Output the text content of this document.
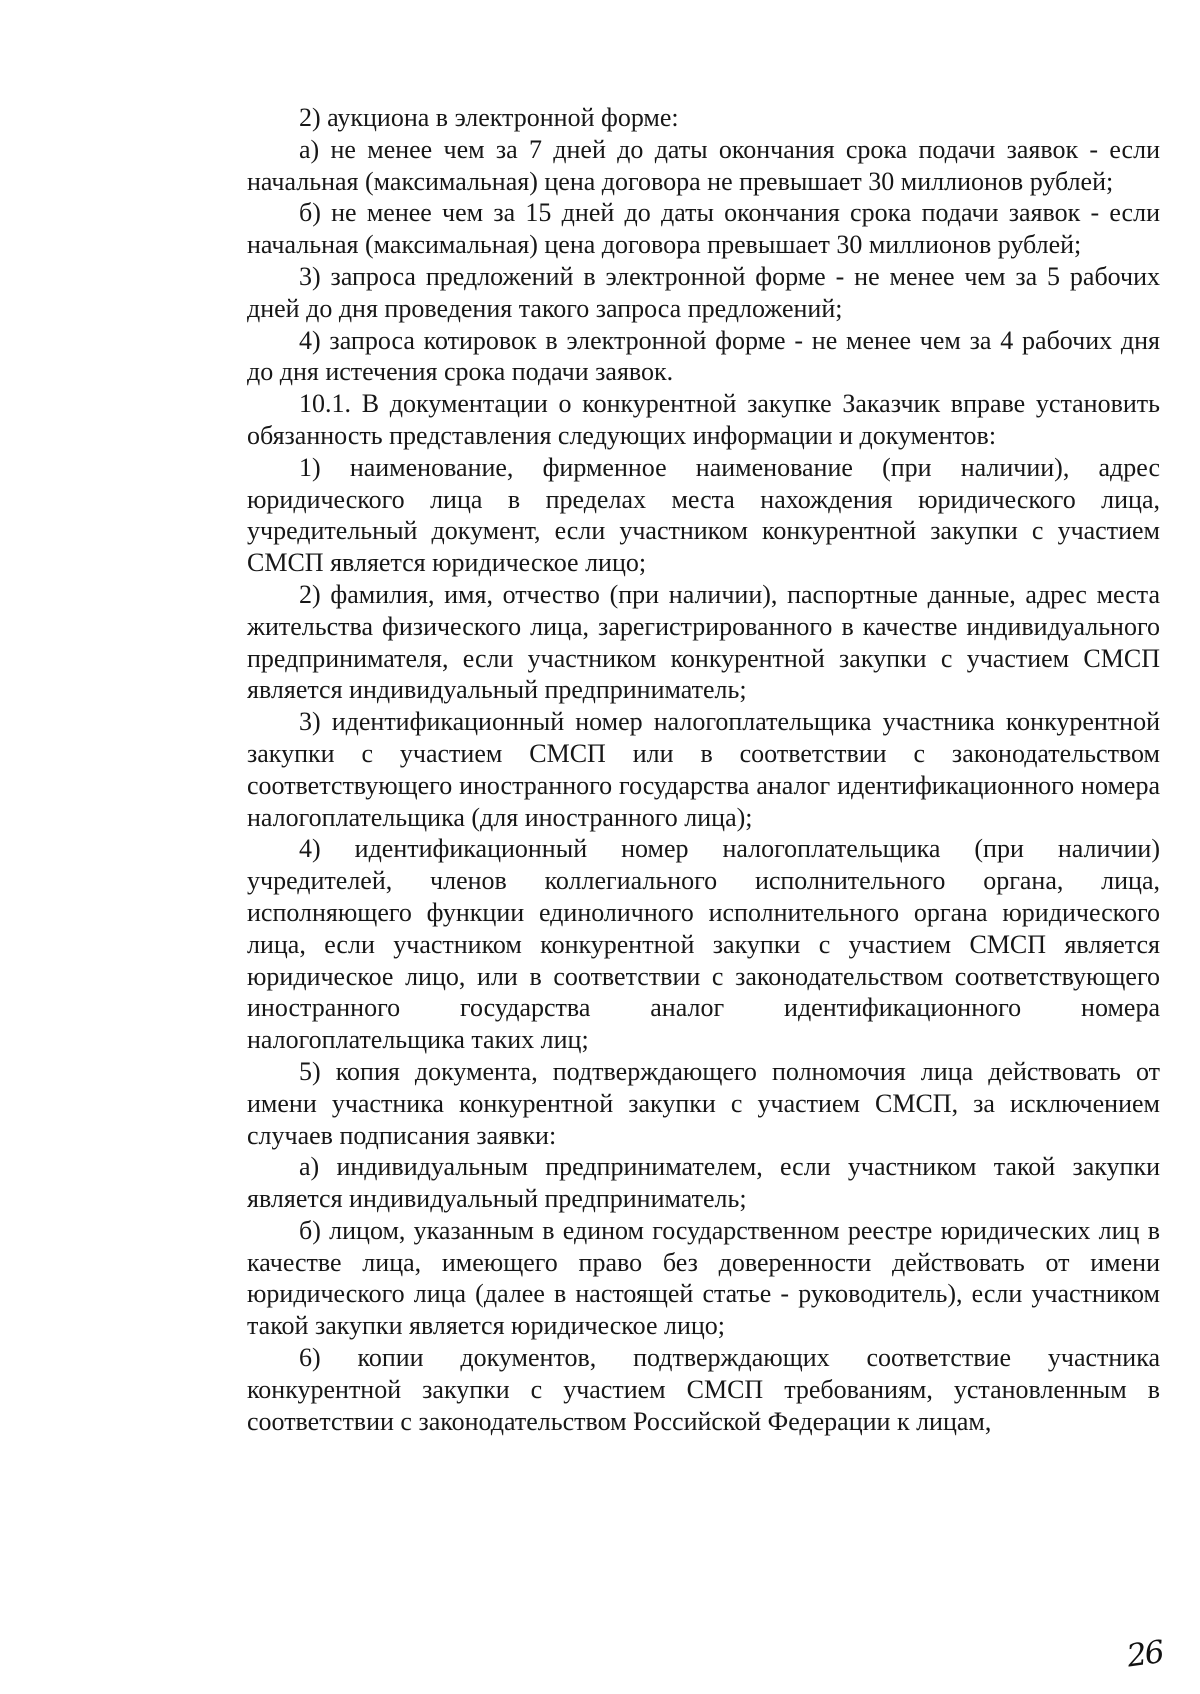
2) аукциона в электронной форме:

а) не менее чем за 7 дней до даты окончания срока подачи заявок - если начальная (максимальная) цена договора не превышает 30 миллионов рублей;

б) не менее чем за 15 дней до даты окончания срока подачи заявок - если начальная (максимальная) цена договора превышает 30 миллионов рублей;

3) запроса предложений в электронной форме - не менее чем за 5 рабочих дней до дня проведения такого запроса предложений;

4) запроса котировок в электронной форме - не менее чем за 4 рабочих дня до дня истечения срока подачи заявок.

10.1. В документации о конкурентной закупке Заказчик вправе установить обязанность представления следующих информации и документов:

1) наименование, фирменное наименование (при наличии), адрес юридического лица в пределах места нахождения юридического лица, учредительный документ, если участником конкурентной закупки с участием СМСП является юридическое лицо;

2) фамилия, имя, отчество (при наличии), паспортные данные, адрес места жительства физического лица, зарегистрированного в качестве индивидуального предпринимателя, если участником конкурентной закупки с участием СМСП является индивидуальный предприниматель;

3) идентификационный номер налогоплательщика участника конкурентной закупки с участием СМСП или в соответствии с законодательством соответствующего иностранного государства аналог идентификационного номера налогоплательщика (для иностранного лица);

4) идентификационный номер налогоплательщика (при наличии) учредителей, членов коллегиального исполнительного органа, лица, исполняющего функции единоличного исполнительного органа юридического лица, если участником конкурентной закупки с участием СМСП является юридическое лицо, или в соответствии с законодательством соответствующего иностранного государства аналог идентификационного номера налогоплательщика таких лиц;

5) копия документа, подтверждающего полномочия лица действовать от имени участника конкурентной закупки с участием СМСП, за исключением случаев подписания заявки:

а) индивидуальным предпринимателем, если участником такой закупки является индивидуальный предприниматель;

б) лицом, указанным в едином государственном реестре юридических лиц в качестве лица, имеющего право без доверенности действовать от имени юридического лица (далее в настоящей статье - руководитель), если участником такой закупки является юридическое лицо;

6) копии документов, подтверждающих соответствие участника конкурентной закупки с участием СМСП требованиям, установленным в соответствии с законодательством Российской Федерации к лицам,

26
